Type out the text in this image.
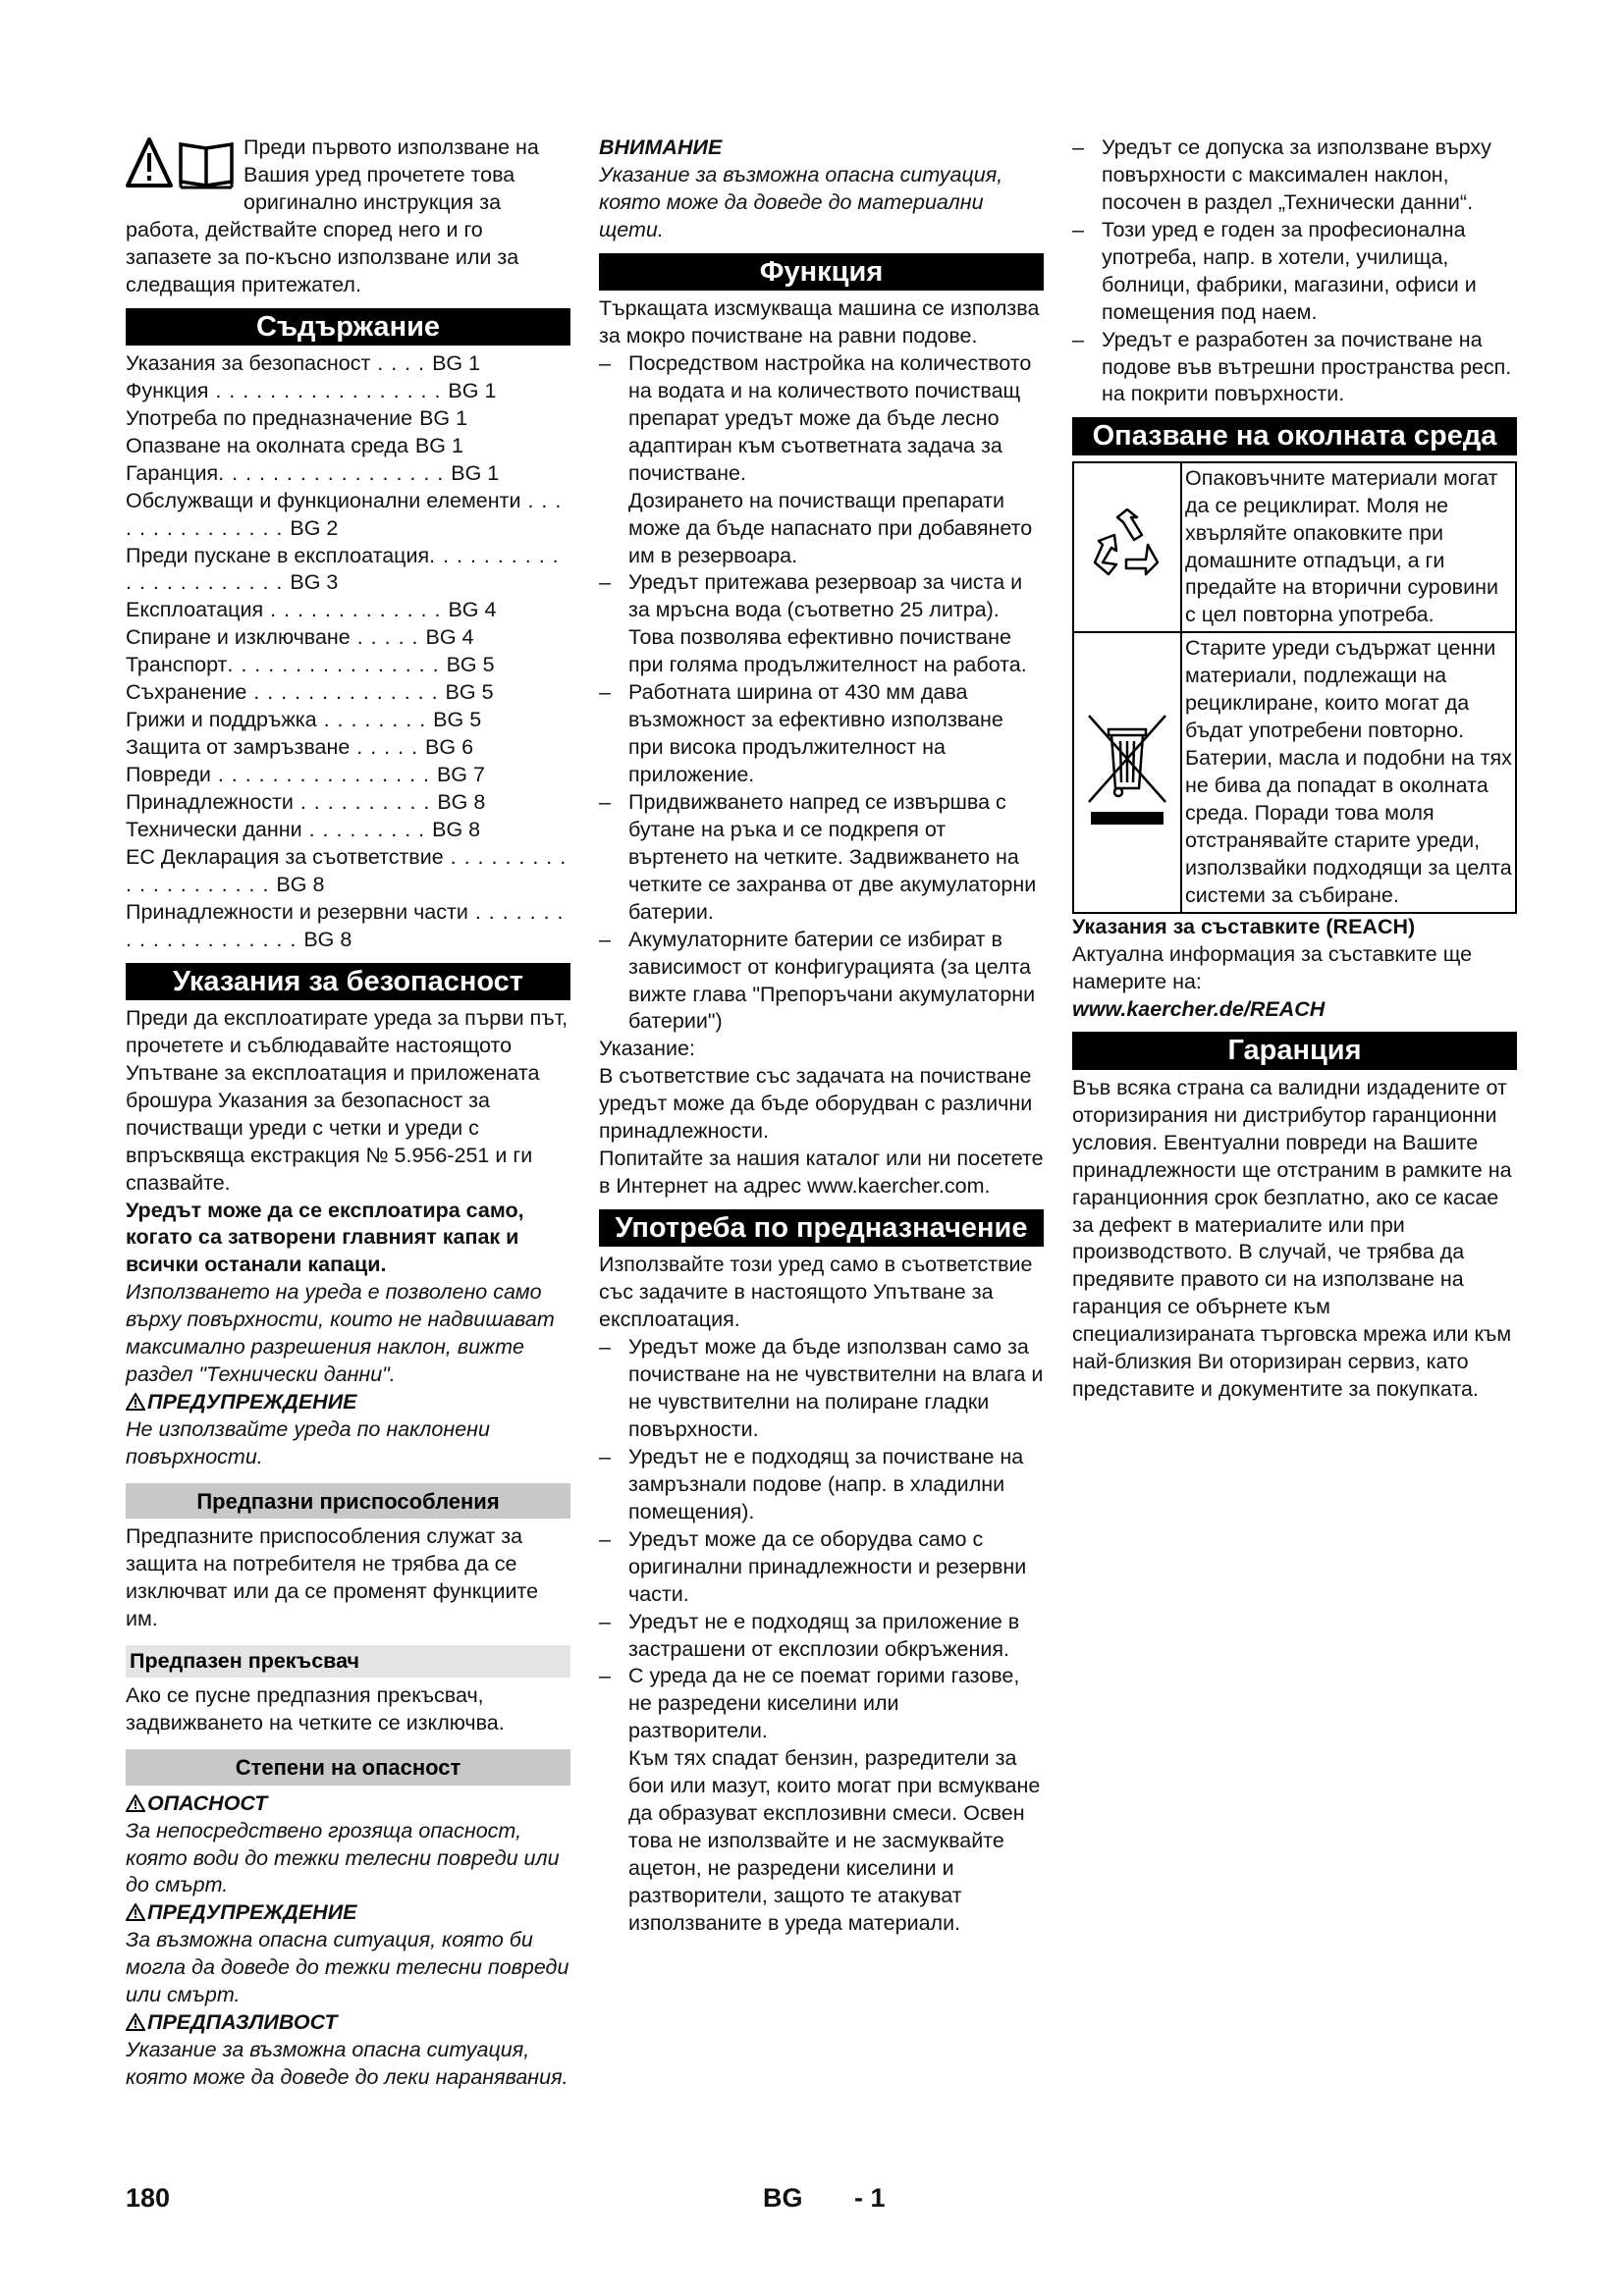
Преди първото използване на Вашия уред прочетете това оригинално инструкция за работа, действайте според него и го запазете за по-късно използване или за следващия притежател.

Съдържание
Указания за безопасност . . . . BG 1
Функция . . . . . . . . . . . . . . . . . BG 1
Употреба по предназначение BG 1
Опазване на околната среда BG 1
Гаранция. . . . . . . . . . . . . . . . . BG 1
Обслужващи и функционални елементи . . . . . . . . . . . . . . . BG 2
Преди пускане в експлоатация. . . . . . . . . . . . . . . . . . . . . . BG 3
Експлоатация . . . . . . . . . . . . . BG 4
Спиране и изключване . . . . . BG 4
Транспорт. . . . . . . . . . . . . . . . BG 5
Съхранение . . . . . . . . . . . . . . BG 5
Грижи и поддръжка . . . . . . . . BG 5
Защита от замръзване . . . . . BG 6
Повреди . . . . . . . . . . . . . . . . BG 7
Принадлежности . . . . . . . . . . BG 8
Технически данни . . . . . . . . . BG 8
ЕС Декларация за съответствие . . . . . . . . . . . . . . . . . . . . BG 8
Принадлежности и резервни части . . . . . . . . . . . . . . . . . . . . BG 8
Указания за безопасност

Преди да експлоатирате уреда за първи път, прочетете и съблюдавайте настоящото Упътване за експлоатация и приложената брошура Указания за безопасност за почистващи уреди с четки и уреди с впръсквяща екстракция № 5.956-251 и ги спазвайте.

Уредът може да се експлоатира само, когато са затворени главният капак и всички останали капаци.

Използването на уреда е позволено само върху повърхности, които не надвишават максимално разрешения наклон, вижте раздел "Технически данни".

ПРЕДУПРЕЖДЕНИЕ

Не използвайте уреда по наклонени повърхности.

Предпазни приспособления

Предпазните приспособления служат за защита на потребителя не трябва да се изключват или да се променят функциите им.

Предпазен прекъсвач

Ако се пусне предпазния прекъсвач, задвижването на четките се изключва.

Степени на опасност

ОПАСНОСТ

За непосредствено грозяща опасност, която води до тежки телесни повреди или до смърт.

ПРЕДУПРЕЖДЕНИЕ

За възможна опасна ситуация, която би могла да доведе до тежки телесни повреди или смърт.

ПРЕДПАЗЛИВОСТ

Указание за възможна опасна ситуация, която може да доведе до леки наранявания.

ВНИМАНИЕ

Указание за възможна опасна ситуация, която може да доведе до материални щети.

Функция

Търкащата изсмукваща машина се използва за мокро почистване на равни подове.

– Посредством настройка на количеството на водата и на количеството почистващ препарат уредът може да бъде лесно адаптиран към съответната задача за почистване.
Дозирането на почистващи препарати може да бъде напаснато при добавянето им в резервоара.
– Уредът притежава резервоар за чиста и за мръсна вода (съответно 25 литра). Това позволява ефективно почистване при голяма продължителност на работа.
– Работната ширина от 430 мм дава възможност за ефективно използване при висока продължителност на приложение.
– Придвижването напред се извършва с бутане на ръка и се подкрепя от въртенето на четките. Задвижването на четките се захранва от две акумулаторни батерии.
– Акумулаторните батерии се избират в зависимост от конфигурацията (за целта вижте глава "Препоръчани акумулаторни батерии")

Указание:

В съответствие със задачата на почистване уредът може да бъде оборудван с различни принадлежности.

Попитайте за нашия каталог или ни посетете в Интернет на адрес www.kaercher.com.

Употреба по предназначение

Използвайте този уред само в съответствие със задачите в настоящото Упътване за експлоатация.

– Уредът може да бъде използван само за почистване на не чувствителни на влага и не чувствителни на полиране гладки повърхности.
– Уредът не е подходящ за почистване на замръзнали подове (напр. в хладилни помещения).
– Уредът може да се оборудва само с оригинални принадлежности и резервни части.
– Уредът не е подходящ за приложение в застрашени от експлозии обкръжения.
– С уреда да не се поемат горими газове, не разредени киселини или разтворители.
Към тях спадат бензин, разредители за бои или мазут, които могат при всмукване да образуват експлозивни смеси. Освен това не използвайте и не засмуквайте ацетон, не разредени киселини и разтворители, защото те атакуват използваните в уреда материали.
– Уредът се допуска за използване върху повърхности с максимален наклон, посочен в раздел „Технически данни“.
– Този уред е годен за професионална употреба, напр. в хотели, училища, болници, фабрики, магазини, офиси и помещения под наем.
– Уредът е разработен за почистване на подове във вътрешни пространства респ. на покрити повърхности.
Опазване на околната среда
	Опаковъчните материали могат да се рециклират. Моля не хвърляйте опаковките при домашните отпадъци, а ги предайте на вторични суровини с цел повторна употреба.
	Старите уреди съдържат ценни материали, подлежащи на рециклиране, които могат да бъдат употребени повторно. Батерии, масла и подобни на тях не бива да попадат в околната среда. Поради това моля отстранявайте старите уреди, използвайки подходящи за целта системи за събиране.

Указания за съставките (REACH)

Актуална информация за съставките ще намерите на:

www.kaercher.de/REACH

Гаранция

Във всяка страна са валидни издадените от оторизирания ни дистрибутор гаранционни условия. Евентуални повреди на Вашите принадлежности ще отстраним в рамките на гаранционния срок безплатно, ако се касае за дефект в материалите или при производството. В случай, че трябва да предявите правото си на използване на гаранция се обърнете към специализираната търговска мрежа или към най-близкия Ви оторизиран сервиз, като представите и документите за покупката.

180	BG - 1
